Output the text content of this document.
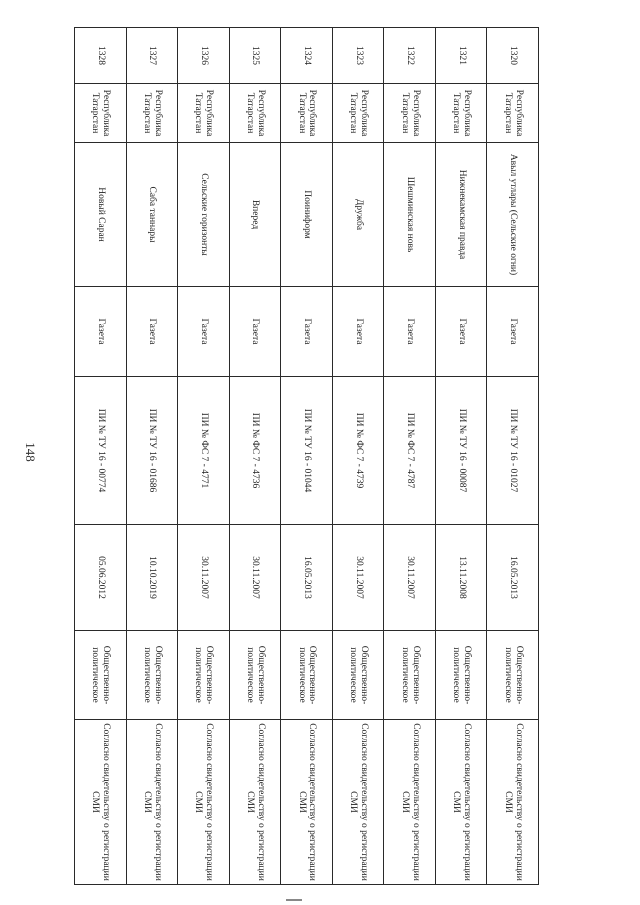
148
1320	Республика Татарстан	Авыл утлары (Сельские огни)	Газета	ПИ № ТУ 16 - 01027	16.05.2013	Общественно-политическое	Согласно свидетельству о регистрации СМИ
1321	Республика Татарстан	Нижнекамская правда	Газета	ПИ № ТУ 16 - 00087	13.11.2008	Общественно-политическое	Согласно свидетельству о регистрации СМИ
1322	Республика Татарстан	Шешминская новь	Газета	ПИ № ФС 7 - 4787	30.11.2007	Общественно-политическое	Согласно свидетельству о регистрации СМИ
1323	Республика Татарстан	Дружба	Газета	ПИ № ФС 7 - 4739	30.11.2007	Общественно-политическое	Согласно свидетельству о регистрации СМИ
1324	Республика Татарстан	Поиниформ	Газета	ПИ № ТУ 16 - 01044	16.05.2013	Общественно-политическое	Согласно свидетельству о регистрации СМИ
1325	Республика Татарстан	Вперед	Газета	ПИ № ФС 7 - 4736	30.11.2007	Общественно-политическое	Согласно свидетельству о регистрации СМИ
1326	Республика Татарстан	Сельские горизонты	Газета	ПИ № ФС 7 - 4771	30.11.2007	Общественно-политическое	Согласно свидетельству о регистрации СМИ
1327	Республика Татарстан	Саба таннары	Газета	ПИ № ТУ 16 - 01686	10.10.2019	Общественно-политическое	Согласно свидетельству о регистрации СМИ
1328	Республика Татарстан	Новый Саран	Газета	ПИ № ТУ 16 - 00774	05.06.2012	Общественно-политическое	Согласно свидетельству о регистрации СМИ
